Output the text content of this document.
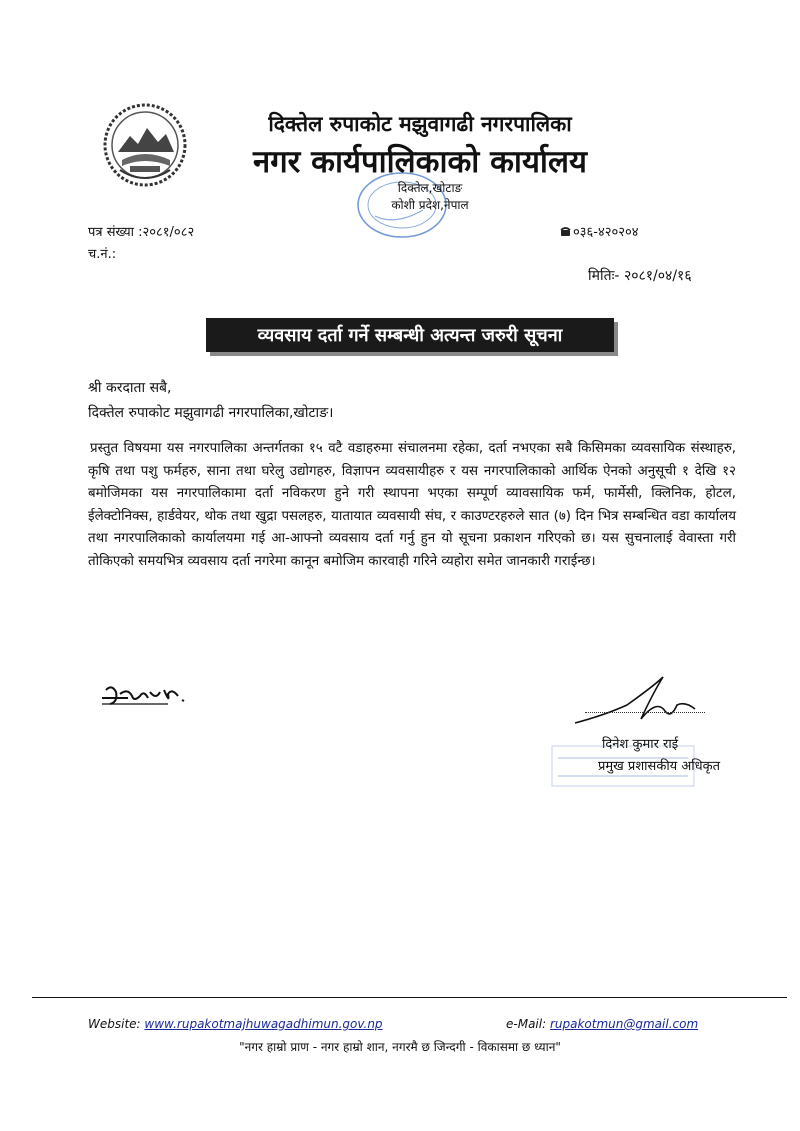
दिक्तेल रुपाकोट मझुवागढी नगरपालिका
नगर कार्यपालिकाको कार्यालय
दिक्तेल,खोटाङ
कोशी प्रदेश,नेपाल
पत्र संख्या :२०८१/०८२
च.नं.:
०३६-४२०२०४
मितिः- २०८१/०४/१६
व्यवसाय दर्ता गर्ने सम्बन्धी अत्यन्त जरुरी सूचना
श्री करदाता सबै,
दिक्तेल रुपाकोट मझुवागढी नगरपालिका,खोटाङ।
प्रस्तुत विषयमा यस नगरपालिका अन्तर्गतका १५ वटै वडाहरुमा संचालनमा रहेका, दर्ता नभएका सबै किसिमका व्यवसायिक संस्थाहरु, कृषि तथा पशु फर्महरु, साना तथा घरेलु उद्योगहरु, विज्ञापन व्यवसायीहरु र यस नगरपालिकाको आर्थिक ऐनको अनुसूची १ देखि १२ बमोजिमका यस नगरपालिकामा दर्ता नविकरण हुने गरी स्थापना भएका सम्पूर्ण व्यावसायिक फर्म, फार्मेसी, क्लिनिक, होटल, ईलेक्टोनिक्स, हार्डवेयर, थोक तथा खुद्रा पसलहरु, यातायात व्यवसायी संघ, र काउण्टरहरुले सात (७) दिन भित्र सम्बन्धित वडा कार्यालय तथा नगरपालिकाको कार्यालयमा गई आ-आफ्नो व्यवसाय दर्ता गर्नु हुन यो सूचना प्रकाशन गरिएको छ। यस सुचनालाई वेवास्ता गरी तोकिएको समयभित्र व्यवसाय दर्ता नगरेमा कानून बमोजिम कारवाही गरिने व्यहोरा समेत जानकारी गराईन्छ।
दिनेश कुमार राई
प्रमुख प्रशासकीय अधिकृत
Website: www.rupakotmajhuwagadhimun.gov.np	e-Mail: rupakotmun@gmail.com
"नगर हाम्रो प्राण - नगर हाम्रो शान, नगरमै छ जिन्दगी - विकासमा छ ध्यान"
